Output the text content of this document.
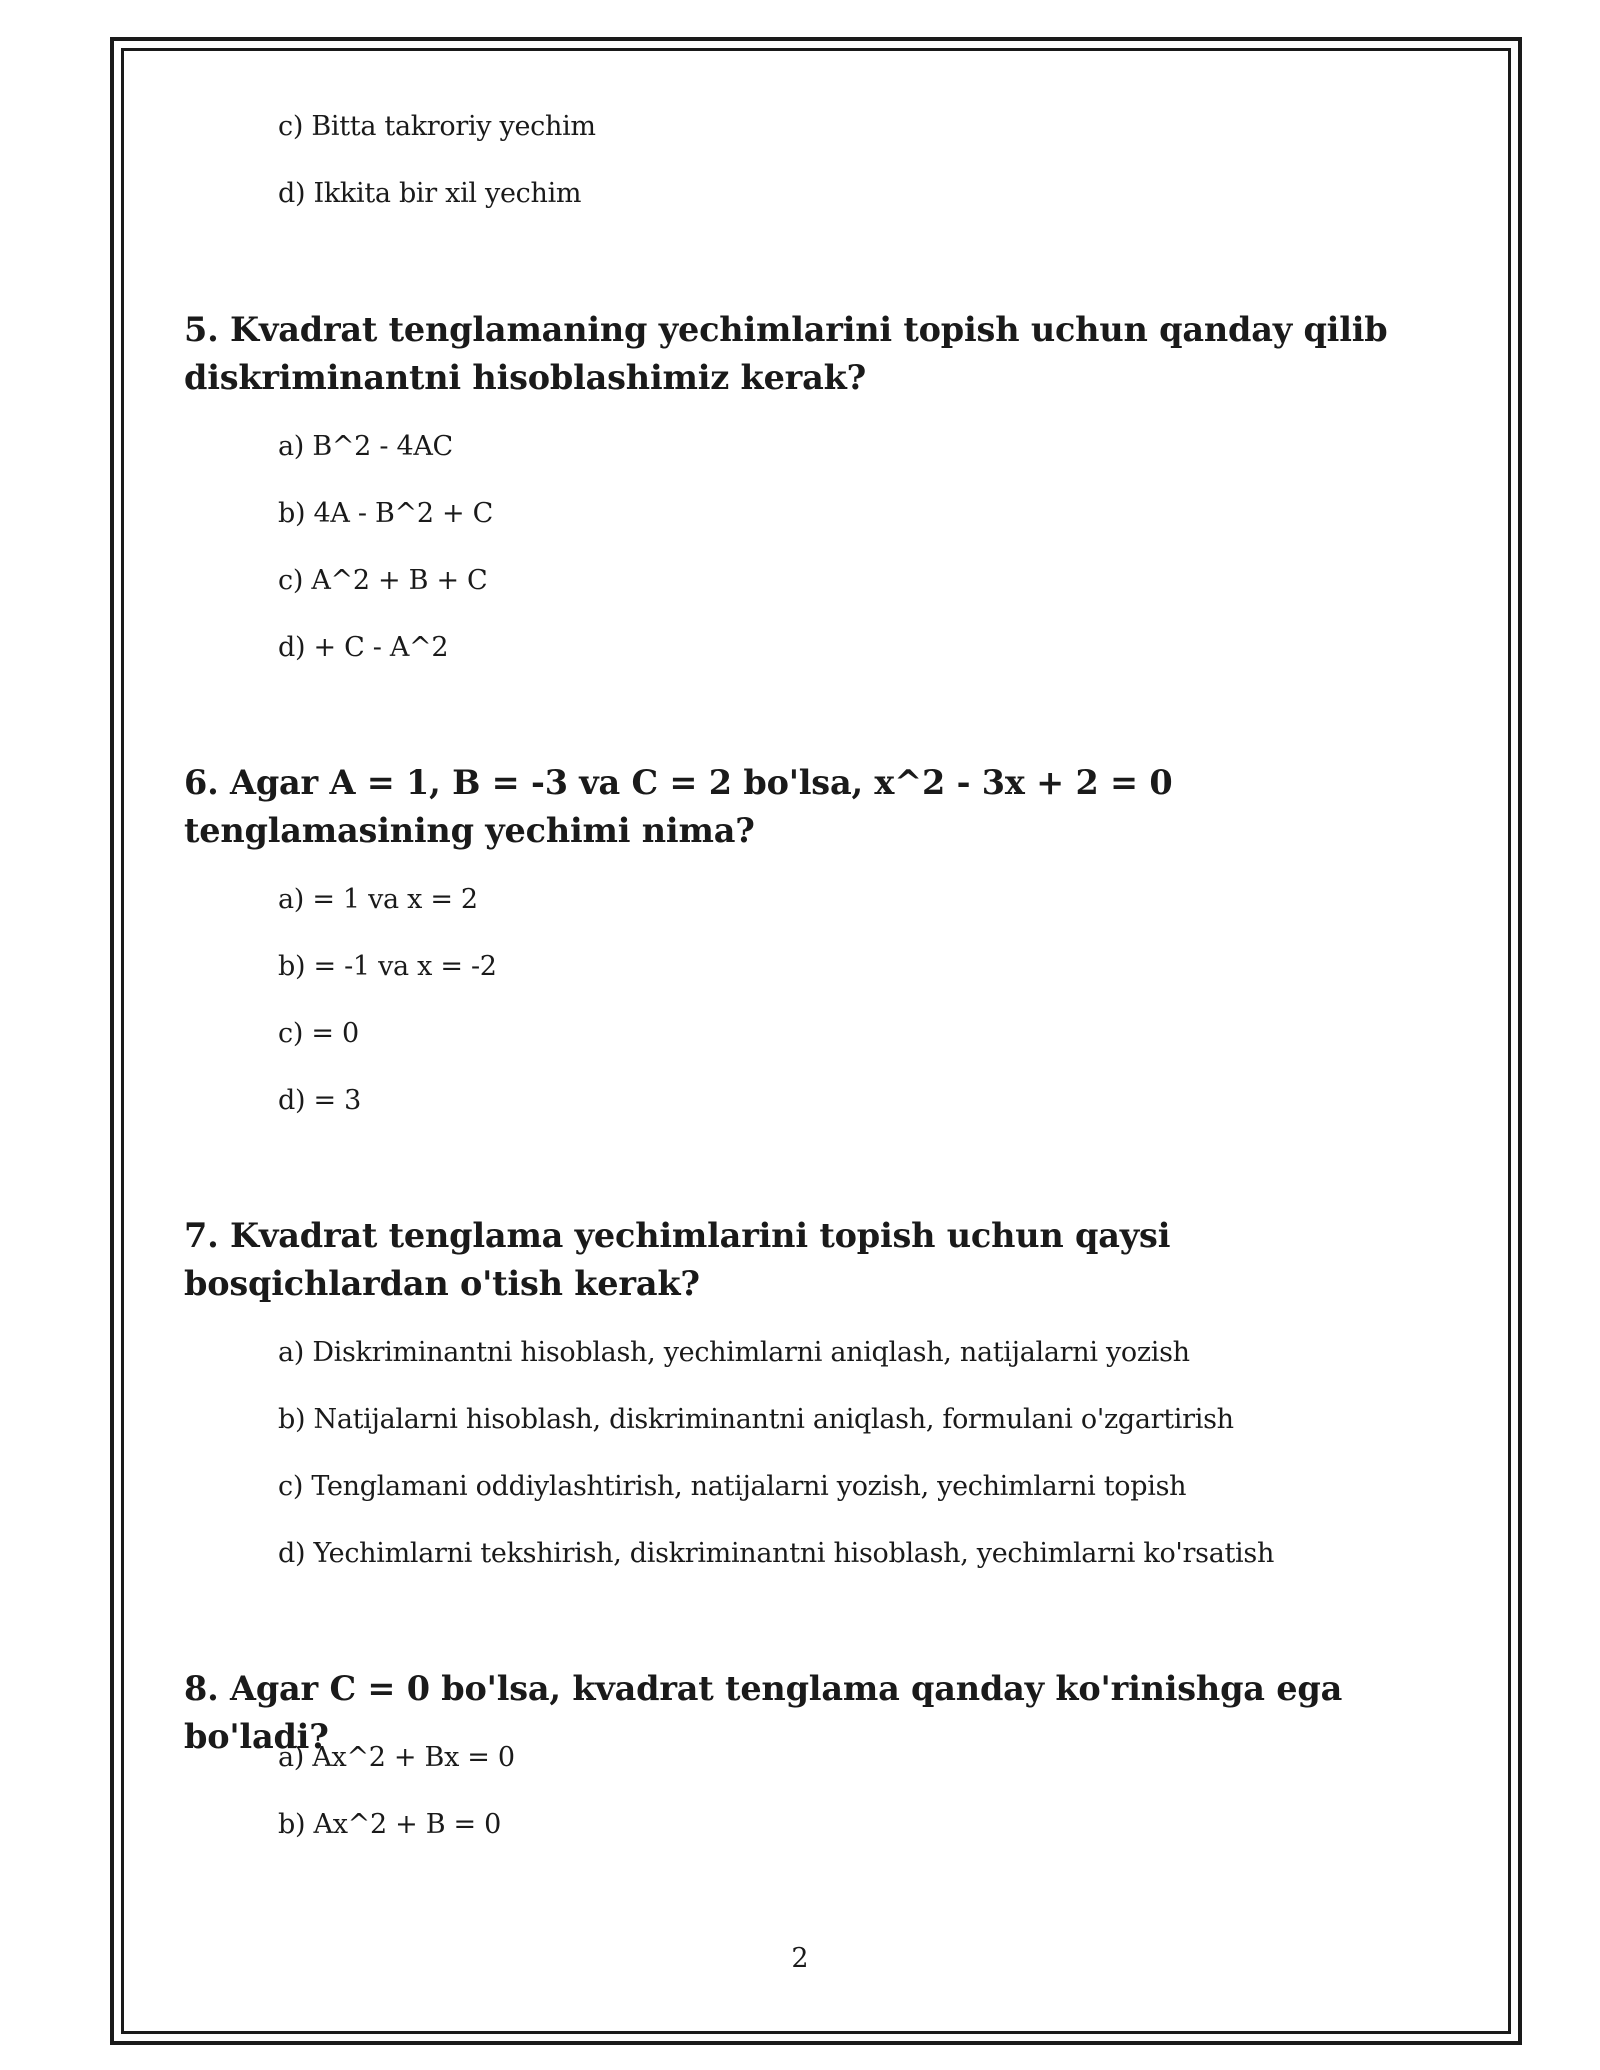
c) Bitta takroriy yechim
d) Ikkita bir xil yechim
5. Kvadrat tenglamaning yechimlarini topish uchun qanday qilib diskriminantni hisoblashimiz kerak?
a) B^2 - 4AC
b) 4A - B^2 + C
c) A^2 + B + C
d) + C - A^2
6. Agar A = 1, B = -3 va C = 2 bo'lsa, x^2 - 3x + 2 = 0 tenglamasining yechimi nima?
a) = 1 va x = 2
b) = -1 va x = -2
c) = 0
d) = 3
7. Kvadrat tenglama yechimlarini topish uchun qaysi bosqichlardan o'tish kerak?
a) Diskriminantni hisoblash, yechimlarni aniqlash, natijalarni yozish
b) Natijalarni hisoblash, diskriminantni aniqlash, formulani o'zgartirish
c) Tenglamani oddiylashtirish, natijalarni yozish, yechimlarni topish
d) Yechimlarni tekshirish, diskriminantni hisoblash, yechimlarni ko'rsatish
8. Agar C = 0 bo'lsa, kvadrat tenglama qanday ko'rinishga ega bo'ladi?
a) Ax^2 + Bx = 0
b) Ax^2 + B = 0
2
